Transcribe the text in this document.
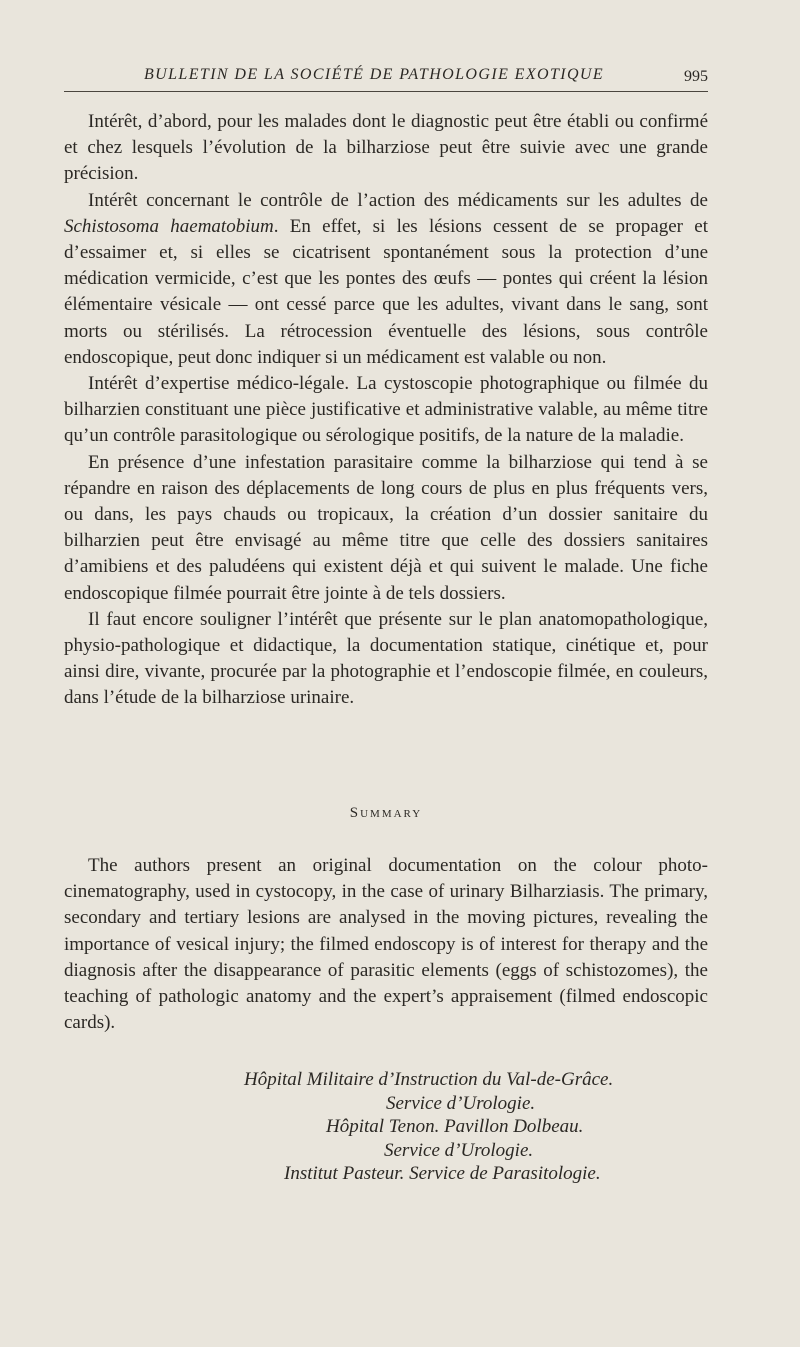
BULLETIN DE LA SOCIÉTÉ DE PATHOLOGIE EXOTIQUE	995

Intérêt, d’abord, pour les malades dont le diagnostic peut être établi ou confirmé et chez lesquels l’évolution de la bilharziose peut être suivie avec une grande précision.

Intérêt concernant le contrôle de l’action des médicaments sur les adultes de Schistosoma haematobium. En effet, si les lésions cessent de se propager et d’essaimer et, si elles se cicatrisent spontanément sous la protection d’une médication vermicide, c’est que les pontes des œufs — pontes qui créent la lésion élémentaire vésicale — ont cessé parce que les adultes, vivant dans le sang, sont morts ou stérilisés. La rétrocession éventuelle des lésions, sous contrôle endoscopique, peut donc indiquer si un médicament est valable ou non.

Intérêt d’expertise médico-légale. La cystoscopie photographique ou filmée du bilharzien constituant une pièce justificative et administrative valable, au même titre qu’un contrôle parasitologique ou sérologique positifs, de la nature de la maladie.

En présence d’une infestation parasitaire comme la bilharziose qui tend à se répandre en raison des déplacements de long cours de plus en plus fréquents vers, ou dans, les pays chauds ou tropicaux, la création d’un dossier sanitaire du bilharzien peut être envisagé au même titre que celle des dossiers sanitaires d’amibiens et des paludéens qui existent déjà et qui suivent le malade. Une fiche endoscopique filmée pourrait être jointe à de tels dossiers.

Il faut encore souligner l’intérêt que présente sur le plan anatomopathologique, physio-pathologique et didactique, la documentation statique, cinétique et, pour ainsi dire, vivante, procurée par la photographie et l’endoscopie filmée, en couleurs, dans l’étude de la bilharziose urinaire.

Summary

The authors present an original documentation on the colour photo-cinematography, used in cystocopy, in the case of urinary Bilharziasis. The primary, secondary and tertiary lesions are analysed in the moving pictures, revealing the importance of vesical injury; the filmed endoscopy is of interest for therapy and the diagnosis after the disappearance of parasitic elements (eggs of schistozomes), the teaching of pathologic anatomy and the expert’s appraisement (filmed endoscopic cards).

Hôpital Militaire d’Instruction du Val-de-Grâce.
Service d’Urologie.
Hôpital Tenon. Pavillon Dolbeau.
Service d’Urologie.
Institut Pasteur. Service de Parasitologie.
